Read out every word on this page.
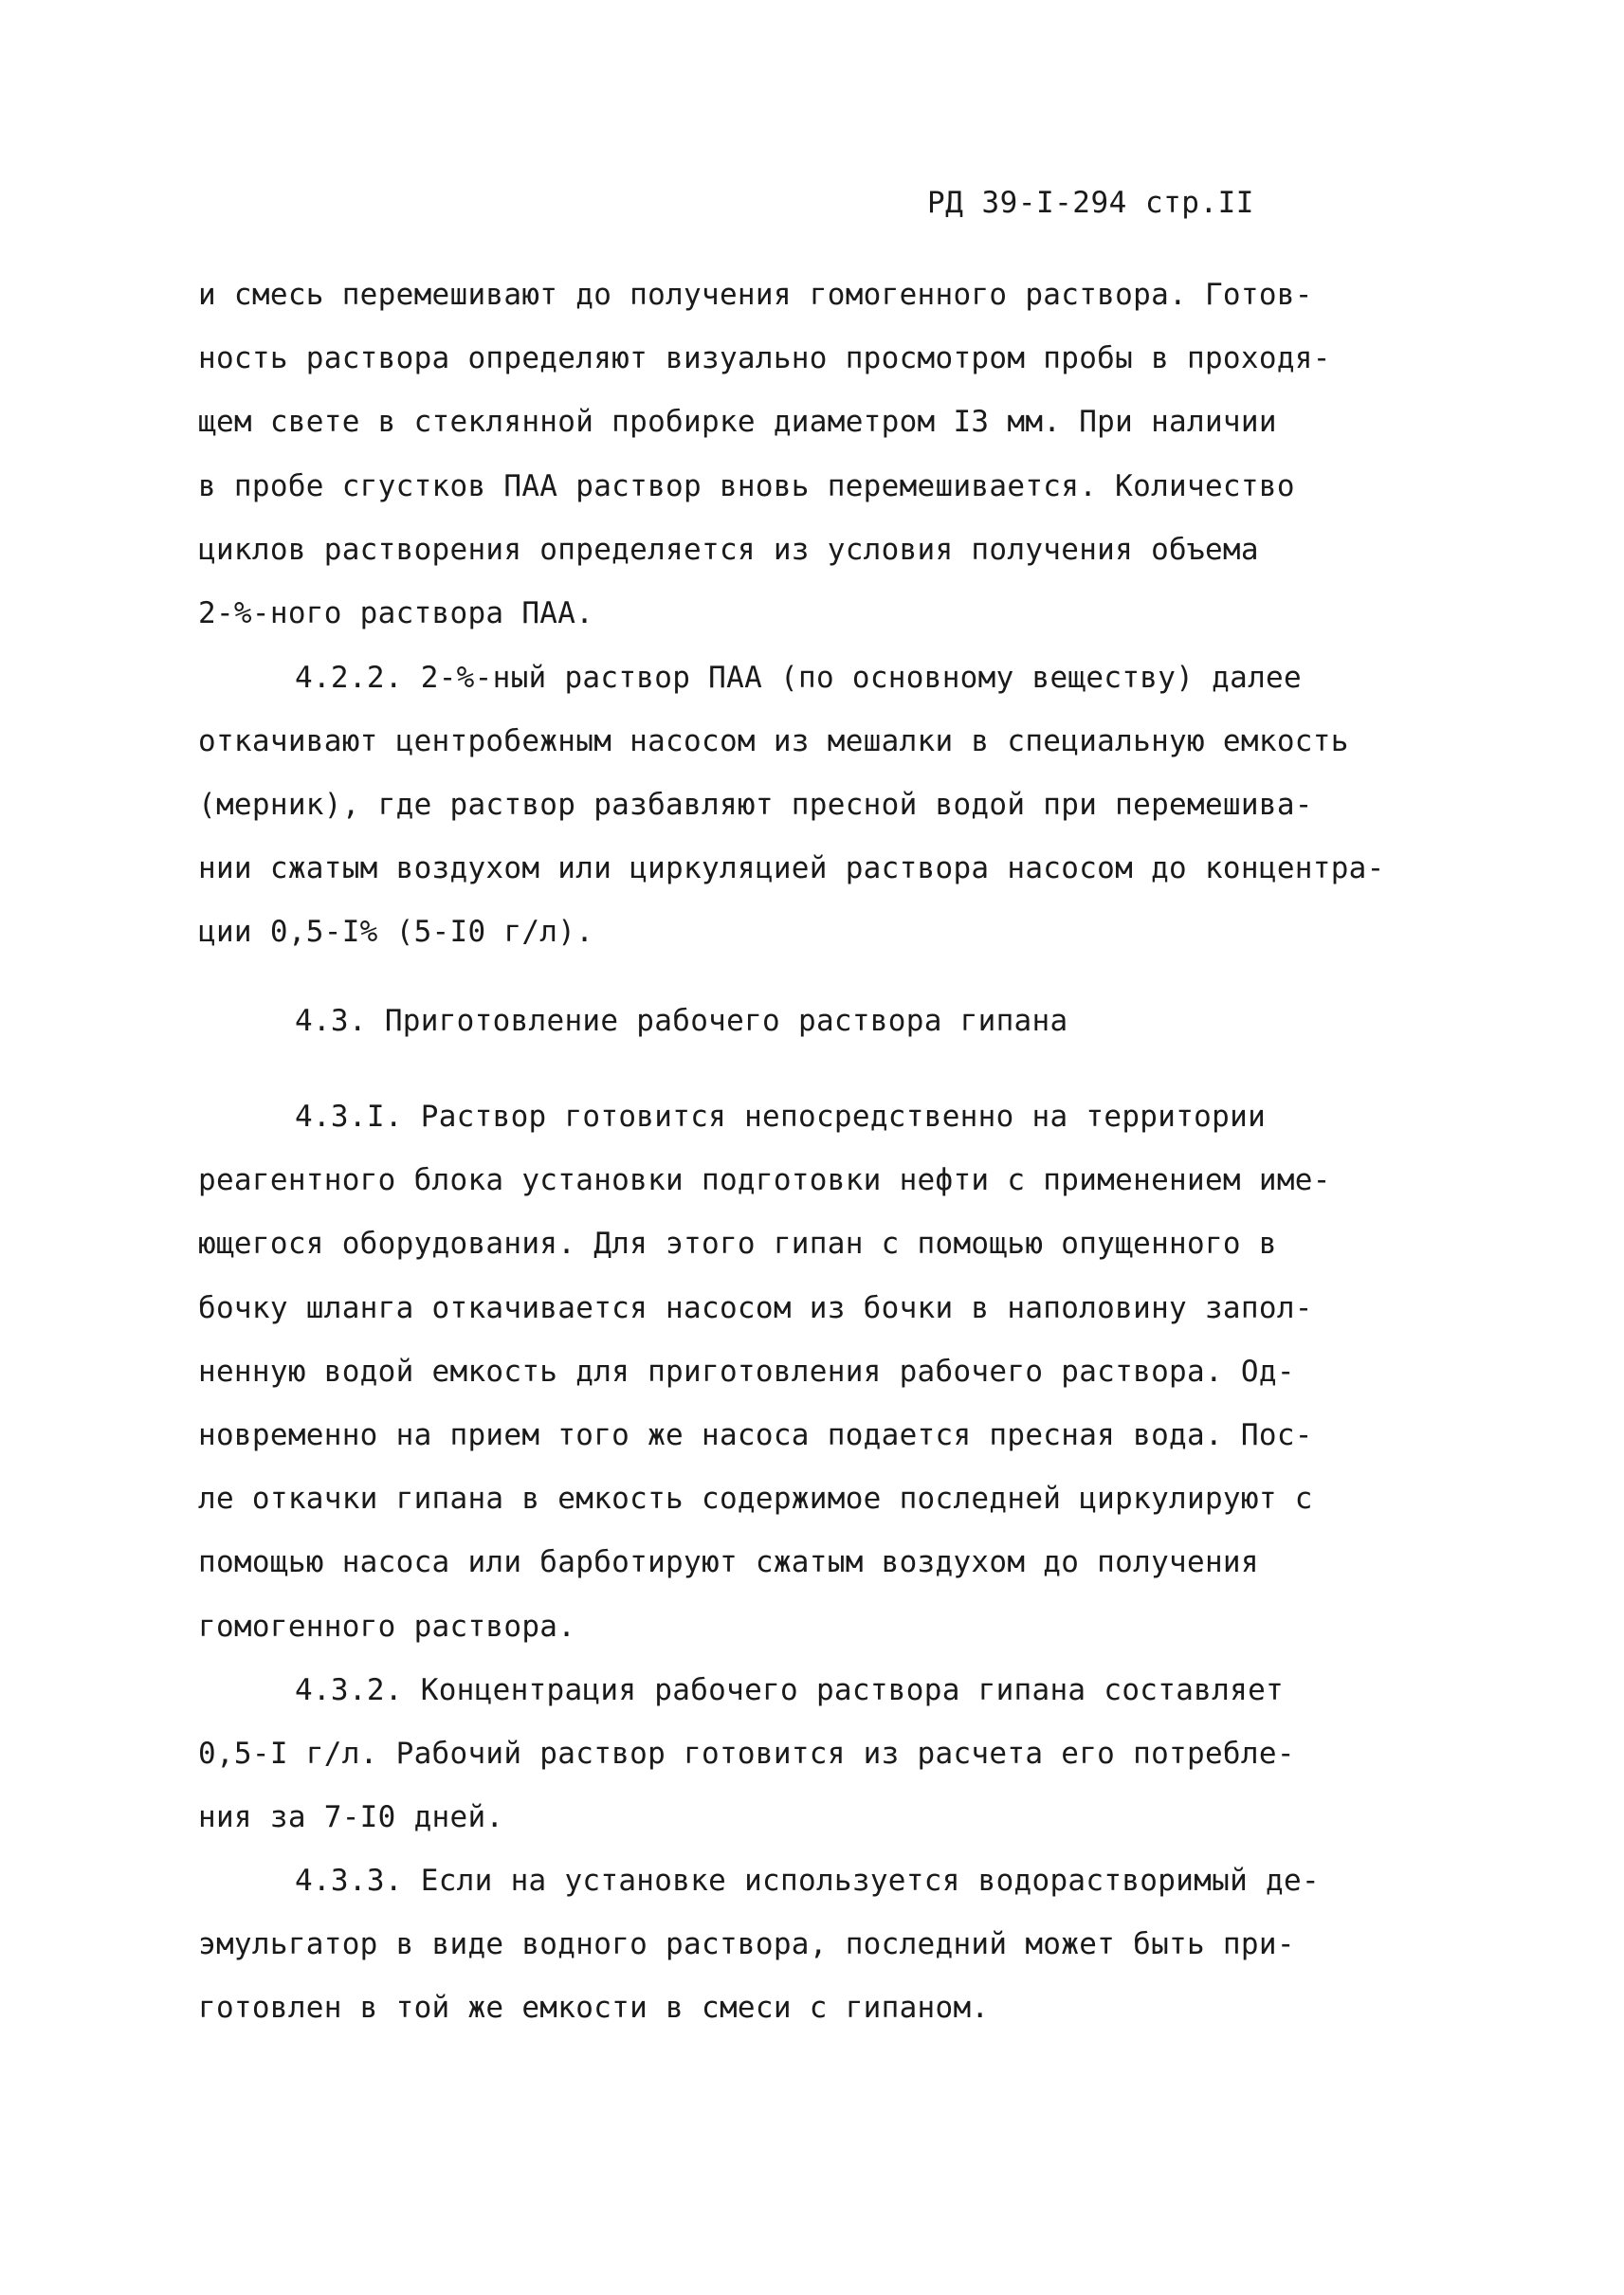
РД 39-I-294 стр.II
и смесь перемешивают до получения гомогенного раствора. Готов-
ность раствора определяют визуально просмотром пробы в проходя-
щем свете в стеклянной пробирке диаметром I3 мм. При наличии
в пробе сгустков ПАА раствор вновь перемешивается. Количество
циклов растворения определяется из условия получения объема
2-%-ного раствора ПАА.
4.2.2. 2-%-ный раствор ПАА (по основному веществу) далее
откачивают центробежным насосом из мешалки в специальную емкость
(мерник), где раствор разбавляют пресной водой при перемешива-
нии сжатым воздухом или циркуляцией раствора насосом до концентра-
ции 0,5-I% (5-I0 г/л).
4.3. Приготовление рабочего раствора гипана
4.3.I. Раствор готовится непосредственно на территории
реагентного блока установки подготовки нефти с применением име-
ющегося оборудования. Для этого гипан с помощью опущенного в
бочку шланга откачивается насосом из бочки в наполовину запол-
ненную водой емкость для приготовления рабочего раствора. Од-
новременно на прием того же насоса подается пресная вода. Пос-
ле откачки гипана в емкость содержимое последней циркулируют с
помощью насоса или барботируют сжатым воздухом до получения
гомогенного раствора.
4.3.2. Концентрация рабочего раствора гипана составляет
0,5-I г/л. Рабочий раствор готовится из расчета его потребле-
ния за 7-I0 дней.
4.3.3. Если на установке используется водорастворимый де-
эмульгатор в виде водного раствора, последний может быть при-
готовлен в той же емкости в смеси с гипаном.
